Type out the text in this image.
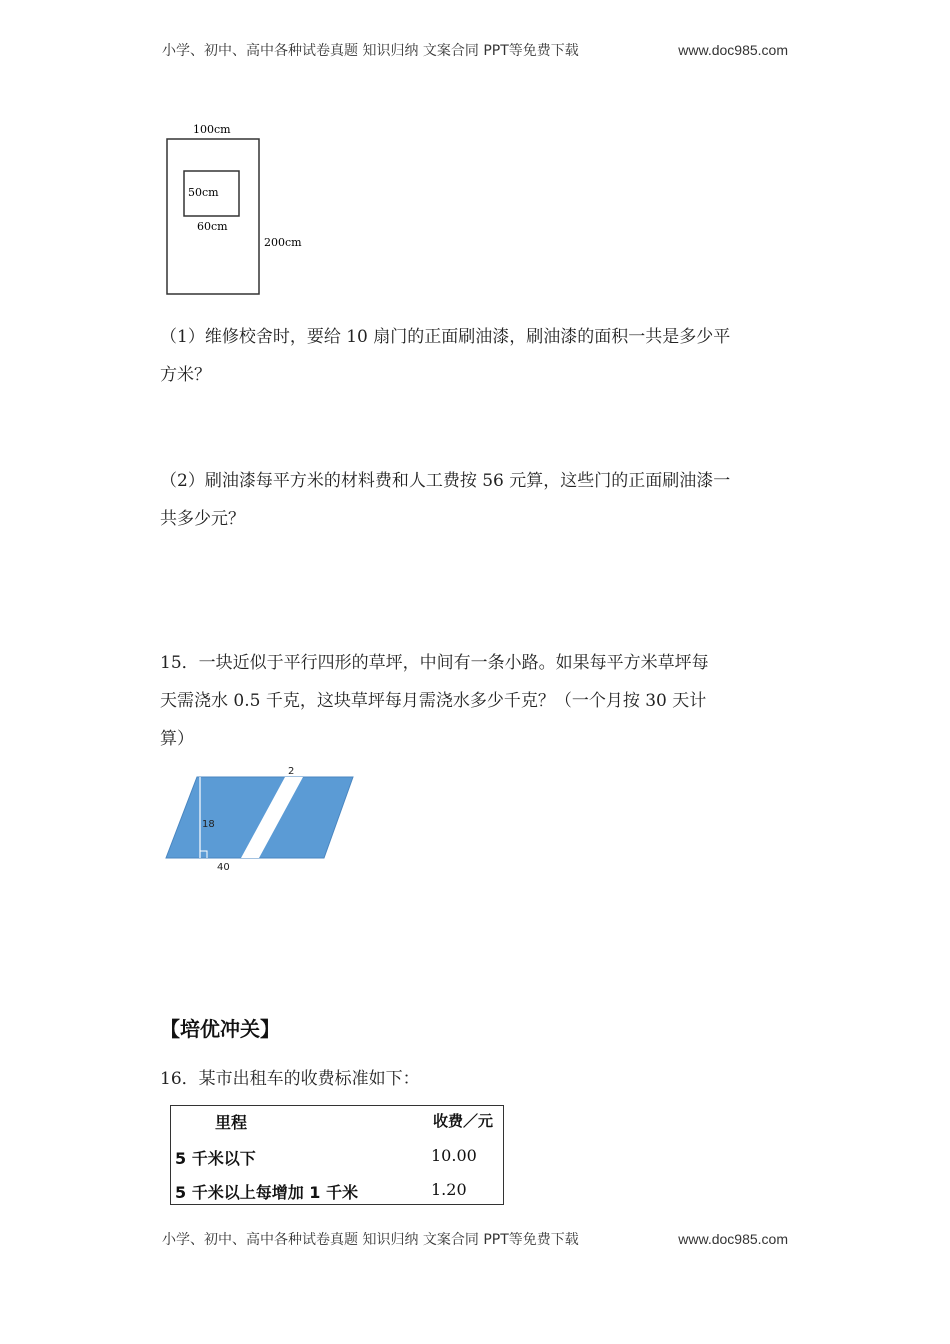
小学、初中、高中各种试卷真题 知识归纳 文案合同 PPT等免费下载	www.doc985.com
100cm
50cm
60cm
200cm
（1）维修校舍时，要给 10 扇门的正面刷油漆，刷油漆的面积一共是多少平
方米？
（2）刷油漆每平方米的材料费和人工费按 56 元算，这些门的正面刷油漆一
共多少元？
15．一块近似于平行四形的草坪，中间有一条小路。如果每平方米草坪每
天需浇水 0.5 千克，这块草坪每月需浇水多少千克？（一个月按 30 天计
算）
2
18
40
【培优冲关】
16．某市出租车的收费标准如下：
里程	收费／元
5 千米以下	10.00
5 千米以上每增加 1 千米	1.20
小学、初中、高中各种试卷真题 知识归纳 文案合同 PPT等免费下载	www.doc985.com
